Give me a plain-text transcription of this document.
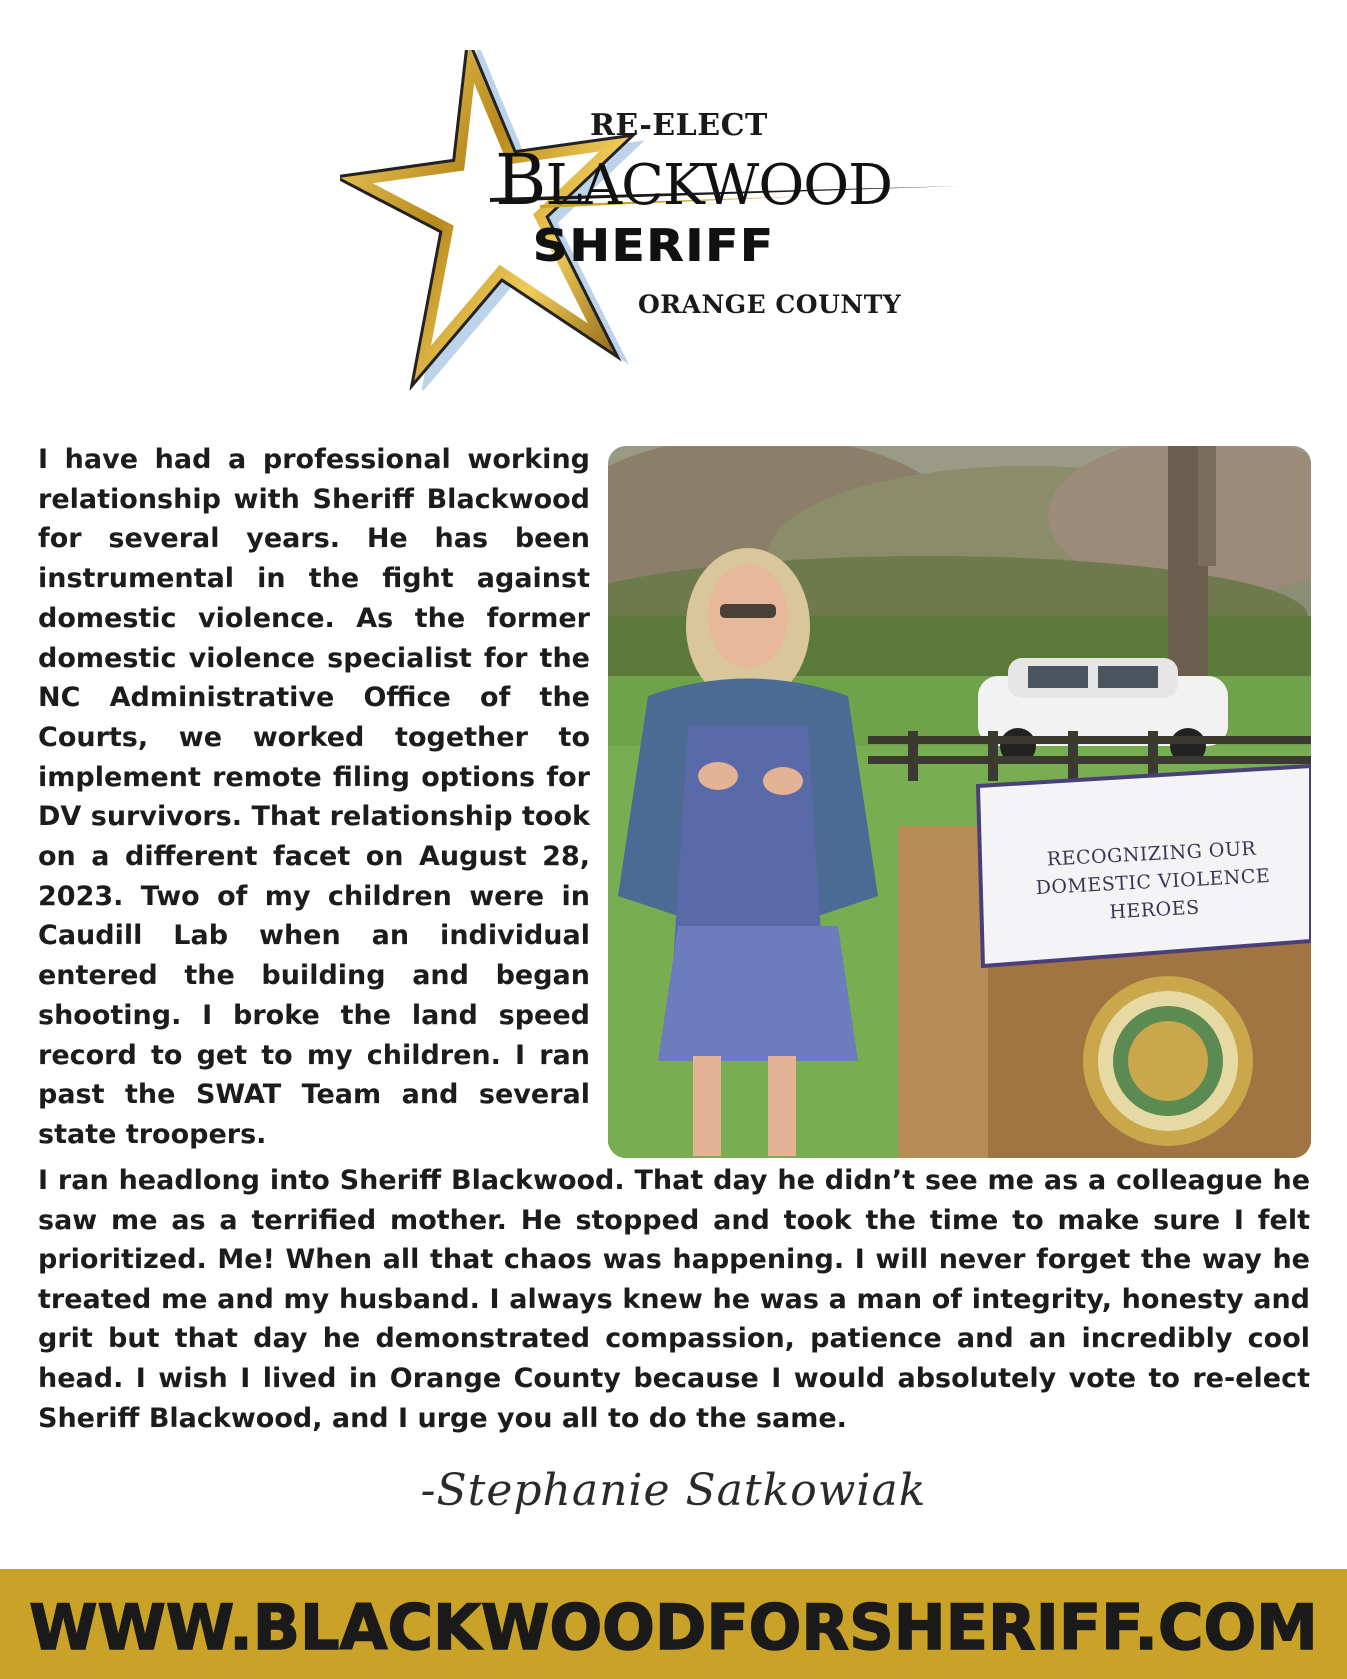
RE-ELECT
BLACKWOOD
SHERIFF
ORANGE COUNTY
I have had a professional working relationship with Sheriff Blackwood for several years. He has been instrumental in the fight against domestic violence. As the former domestic violence specialist for the NC Administrative Office of the Courts, we worked together to implement remote filing options for DV survivors. That relationship took on a different facet on August 28, 2023. Two of my children were in Caudill Lab when an individual entered the building and began shooting. I broke the land speed record to get to my children. I ran past the SWAT Team and several state troopers.
RECOGNIZING OUR
DOMESTIC VIOLENCE HEROES
I ran headlong into Sheriff Blackwood. That day he didn’t see me as a colleague he saw me as a terrified mother. He stopped and took the time to make sure I felt prioritized. Me! When all that chaos was happening. I will never forget the way he treated me and my husband. I always knew he was a man of integrity, honesty and grit but that day he demonstrated compassion, patience and an incredibly cool head. I wish I lived in Orange County because I would absolutely vote to re-elect Sheriff Blackwood, and I urge you all to do the same.
-Stephanie Satkowiak
WWW.BLACKWOODFORSHERIFF.COM
